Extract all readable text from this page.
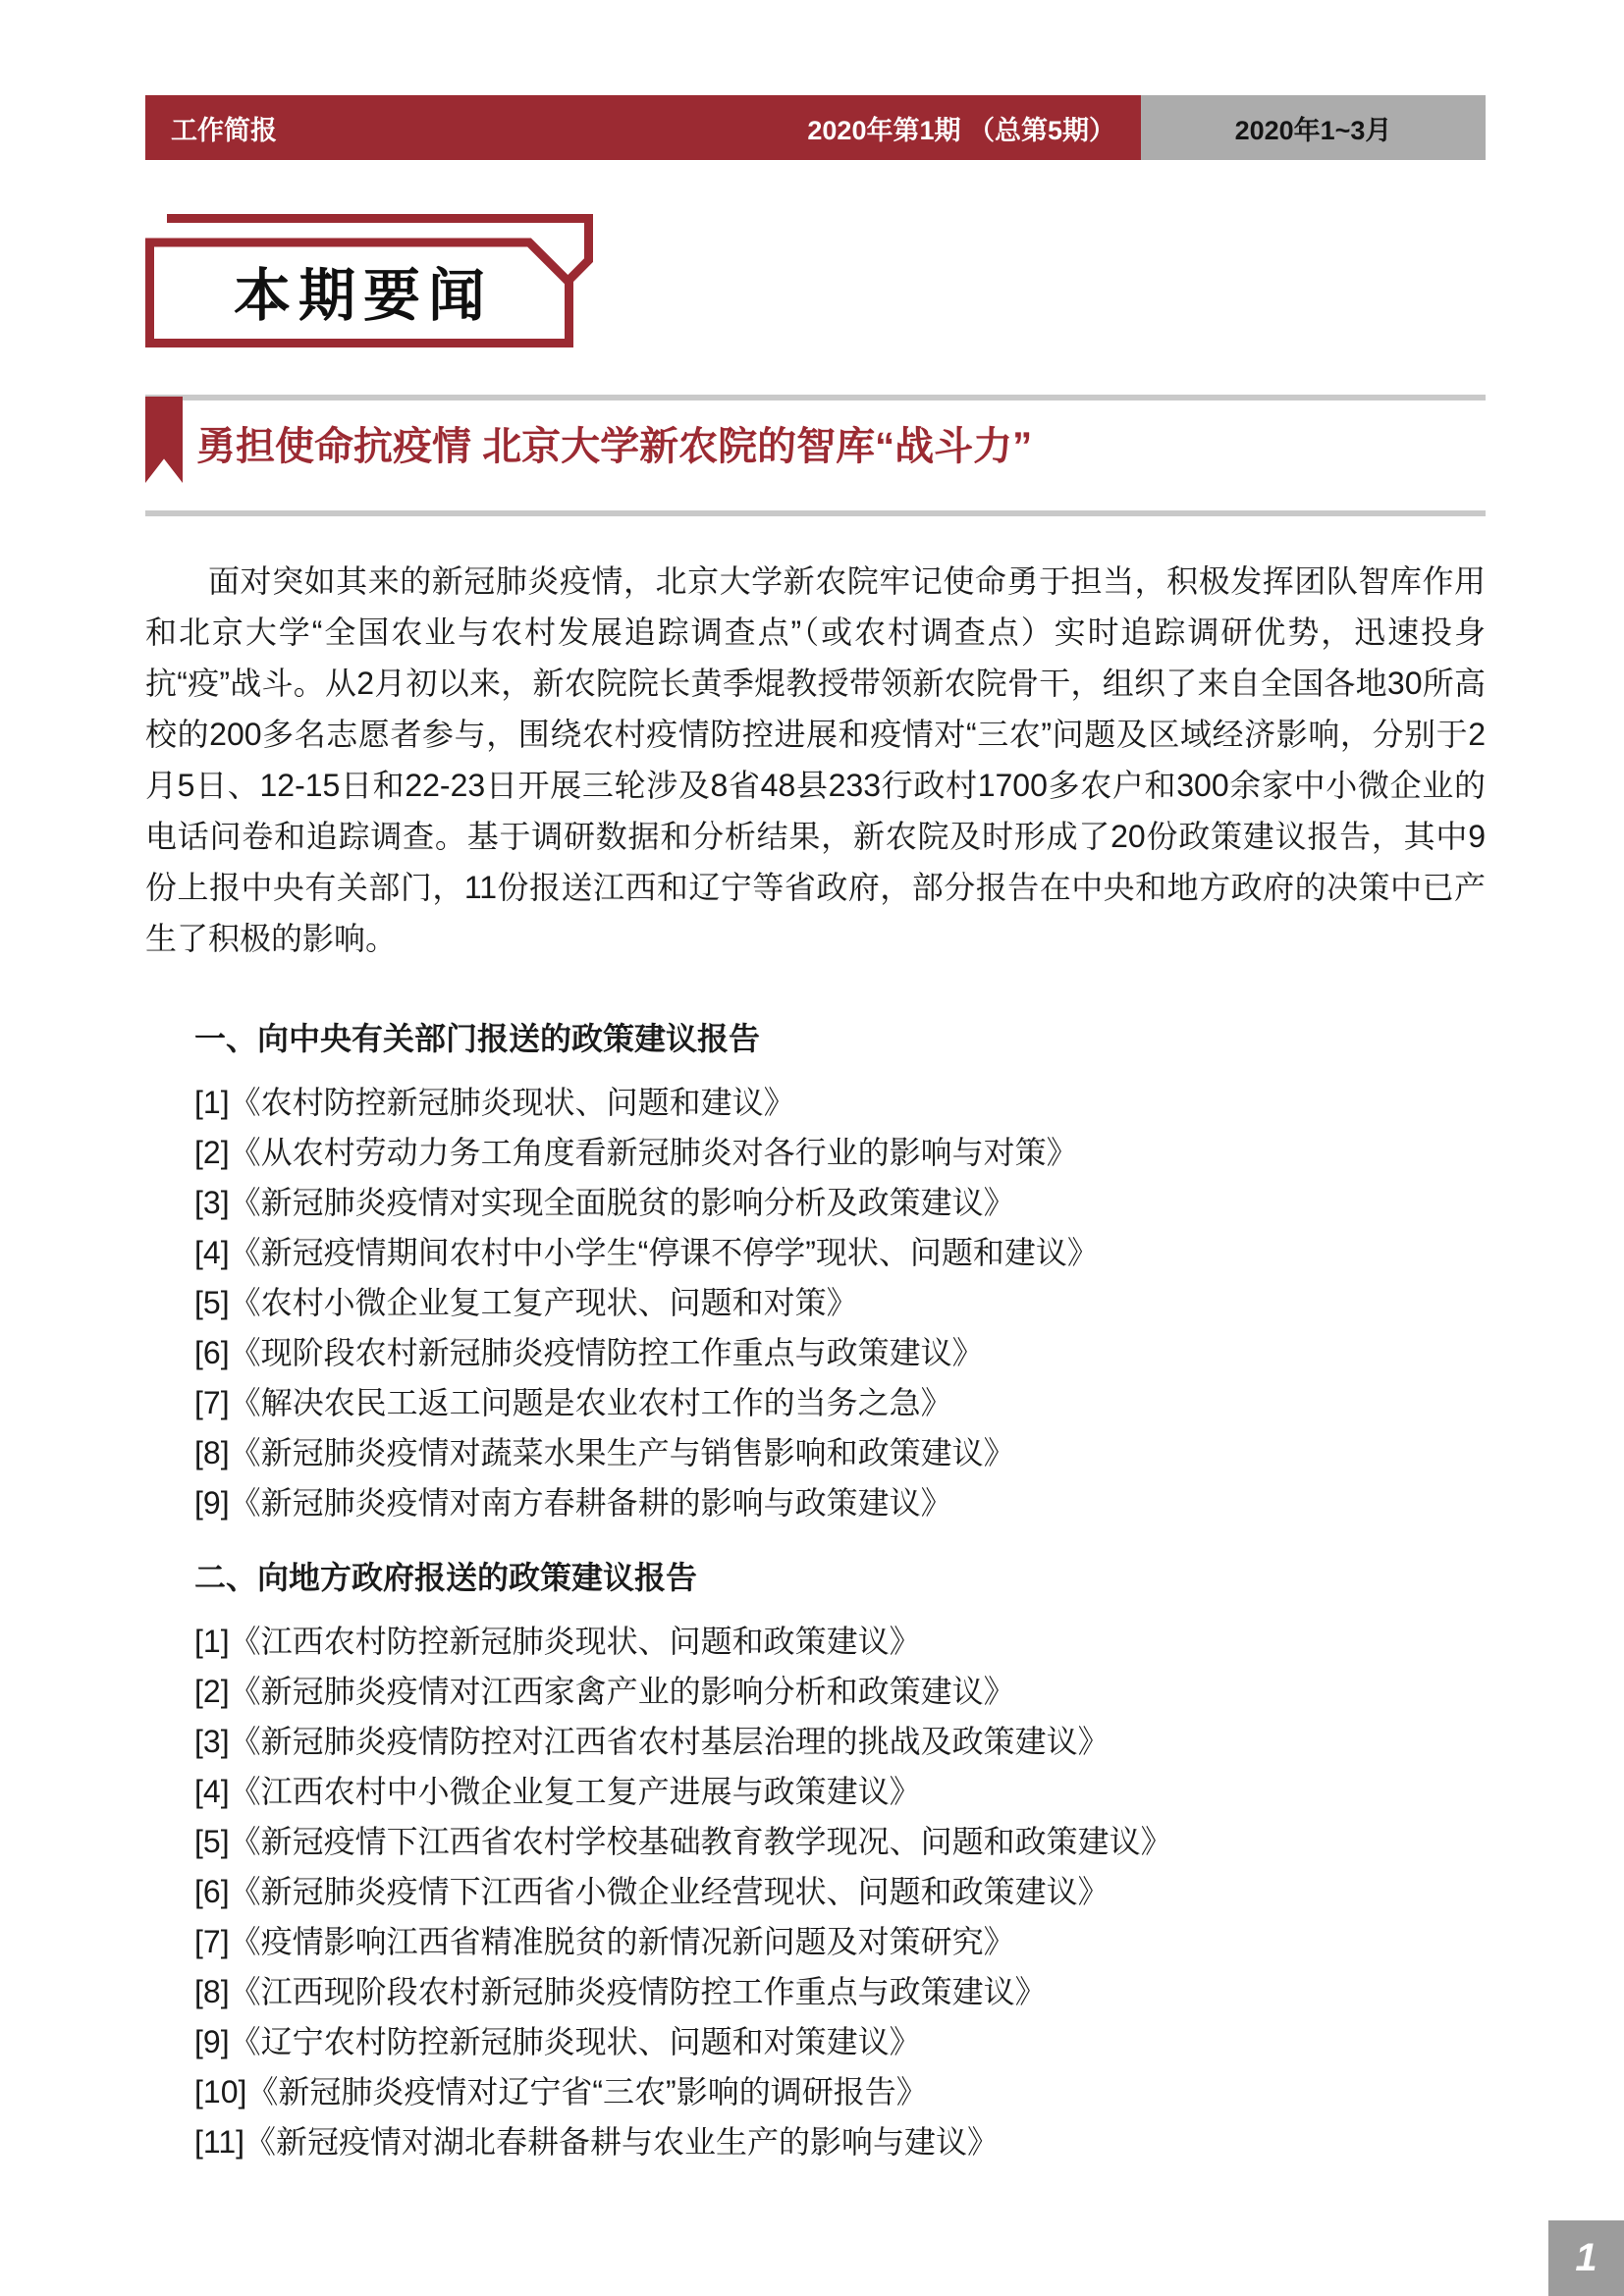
工作简报	2020年第1期 （总第5期）	2020年1~3月
本期要闻
勇担使命抗疫情 北京大学新农院的智库“战斗力”

面对突如其来的新冠肺炎疫情，北京大学新农院牢记使命勇于担当，积极发挥团队智库作用和北京大学“全国农业与农村发展追踪调查点”（或农村调查点）实时追踪调研优势，迅速投身抗“疫”战斗。从2月初以来，新农院院长黄季焜教授带领新农院骨干，组织了来自全国各地30所高校的200多名志愿者参与，围绕农村疫情防控进展和疫情对“三农”问题及区域经济影响，分别于2月5日、12-15日和22-23日开展三轮涉及8省48县233行政村1700多农户和300余家中小微企业的电话问卷和追踪调查。基于调研数据和分析结果，新农院及时形成了20份政策建议报告，其中9份上报中央有关部门，11份报送江西和辽宁等省政府，部分报告在中央和地方政府的决策中已产生了积极的影响。

一、向中央有关部门报送的政策建议报告
[1]《农村防控新冠肺炎现状、问题和建议》
[2]《从农村劳动力务工角度看新冠肺炎对各行业的影响与对策》
[3]《新冠肺炎疫情对实现全面脱贫的影响分析及政策建议》
[4]《新冠疫情期间农村中小学生“停课不停学”现状、问题和建议》
[5]《农村小微企业复工复产现状、问题和对策》
[6]《现阶段农村新冠肺炎疫情防控工作重点与政策建议》
[7]《解决农民工返工问题是农业农村工作的当务之急》
[8]《新冠肺炎疫情对蔬菜水果生产与销售影响和政策建议》
[9]《新冠肺炎疫情对南方春耕备耕的影响与政策建议》
二、向地方政府报送的政策建议报告
[1]《江西农村防控新冠肺炎现状、问题和政策建议》
[2]《新冠肺炎疫情对江西家禽产业的影响分析和政策建议》
[3]《新冠肺炎疫情防控对江西省农村基层治理的挑战及政策建议》
[4]《江西农村中小微企业复工复产进展与政策建议》
[5]《新冠疫情下江西省农村学校基础教育教学现况、问题和政策建议》
[6]《新冠肺炎疫情下江西省小微企业经营现状、问题和政策建议》
[7]《疫情影响江西省精准脱贫的新情况新问题及对策研究》
[8]《江西现阶段农村新冠肺炎疫情防控工作重点与政策建议》
[9]《辽宁农村防控新冠肺炎现状、问题和对策建议》
[10]《新冠肺炎疫情对辽宁省“三农”影响的调研报告》
[11]《新冠疫情对湖北春耕备耕与农业生产的影响与建议》
1
